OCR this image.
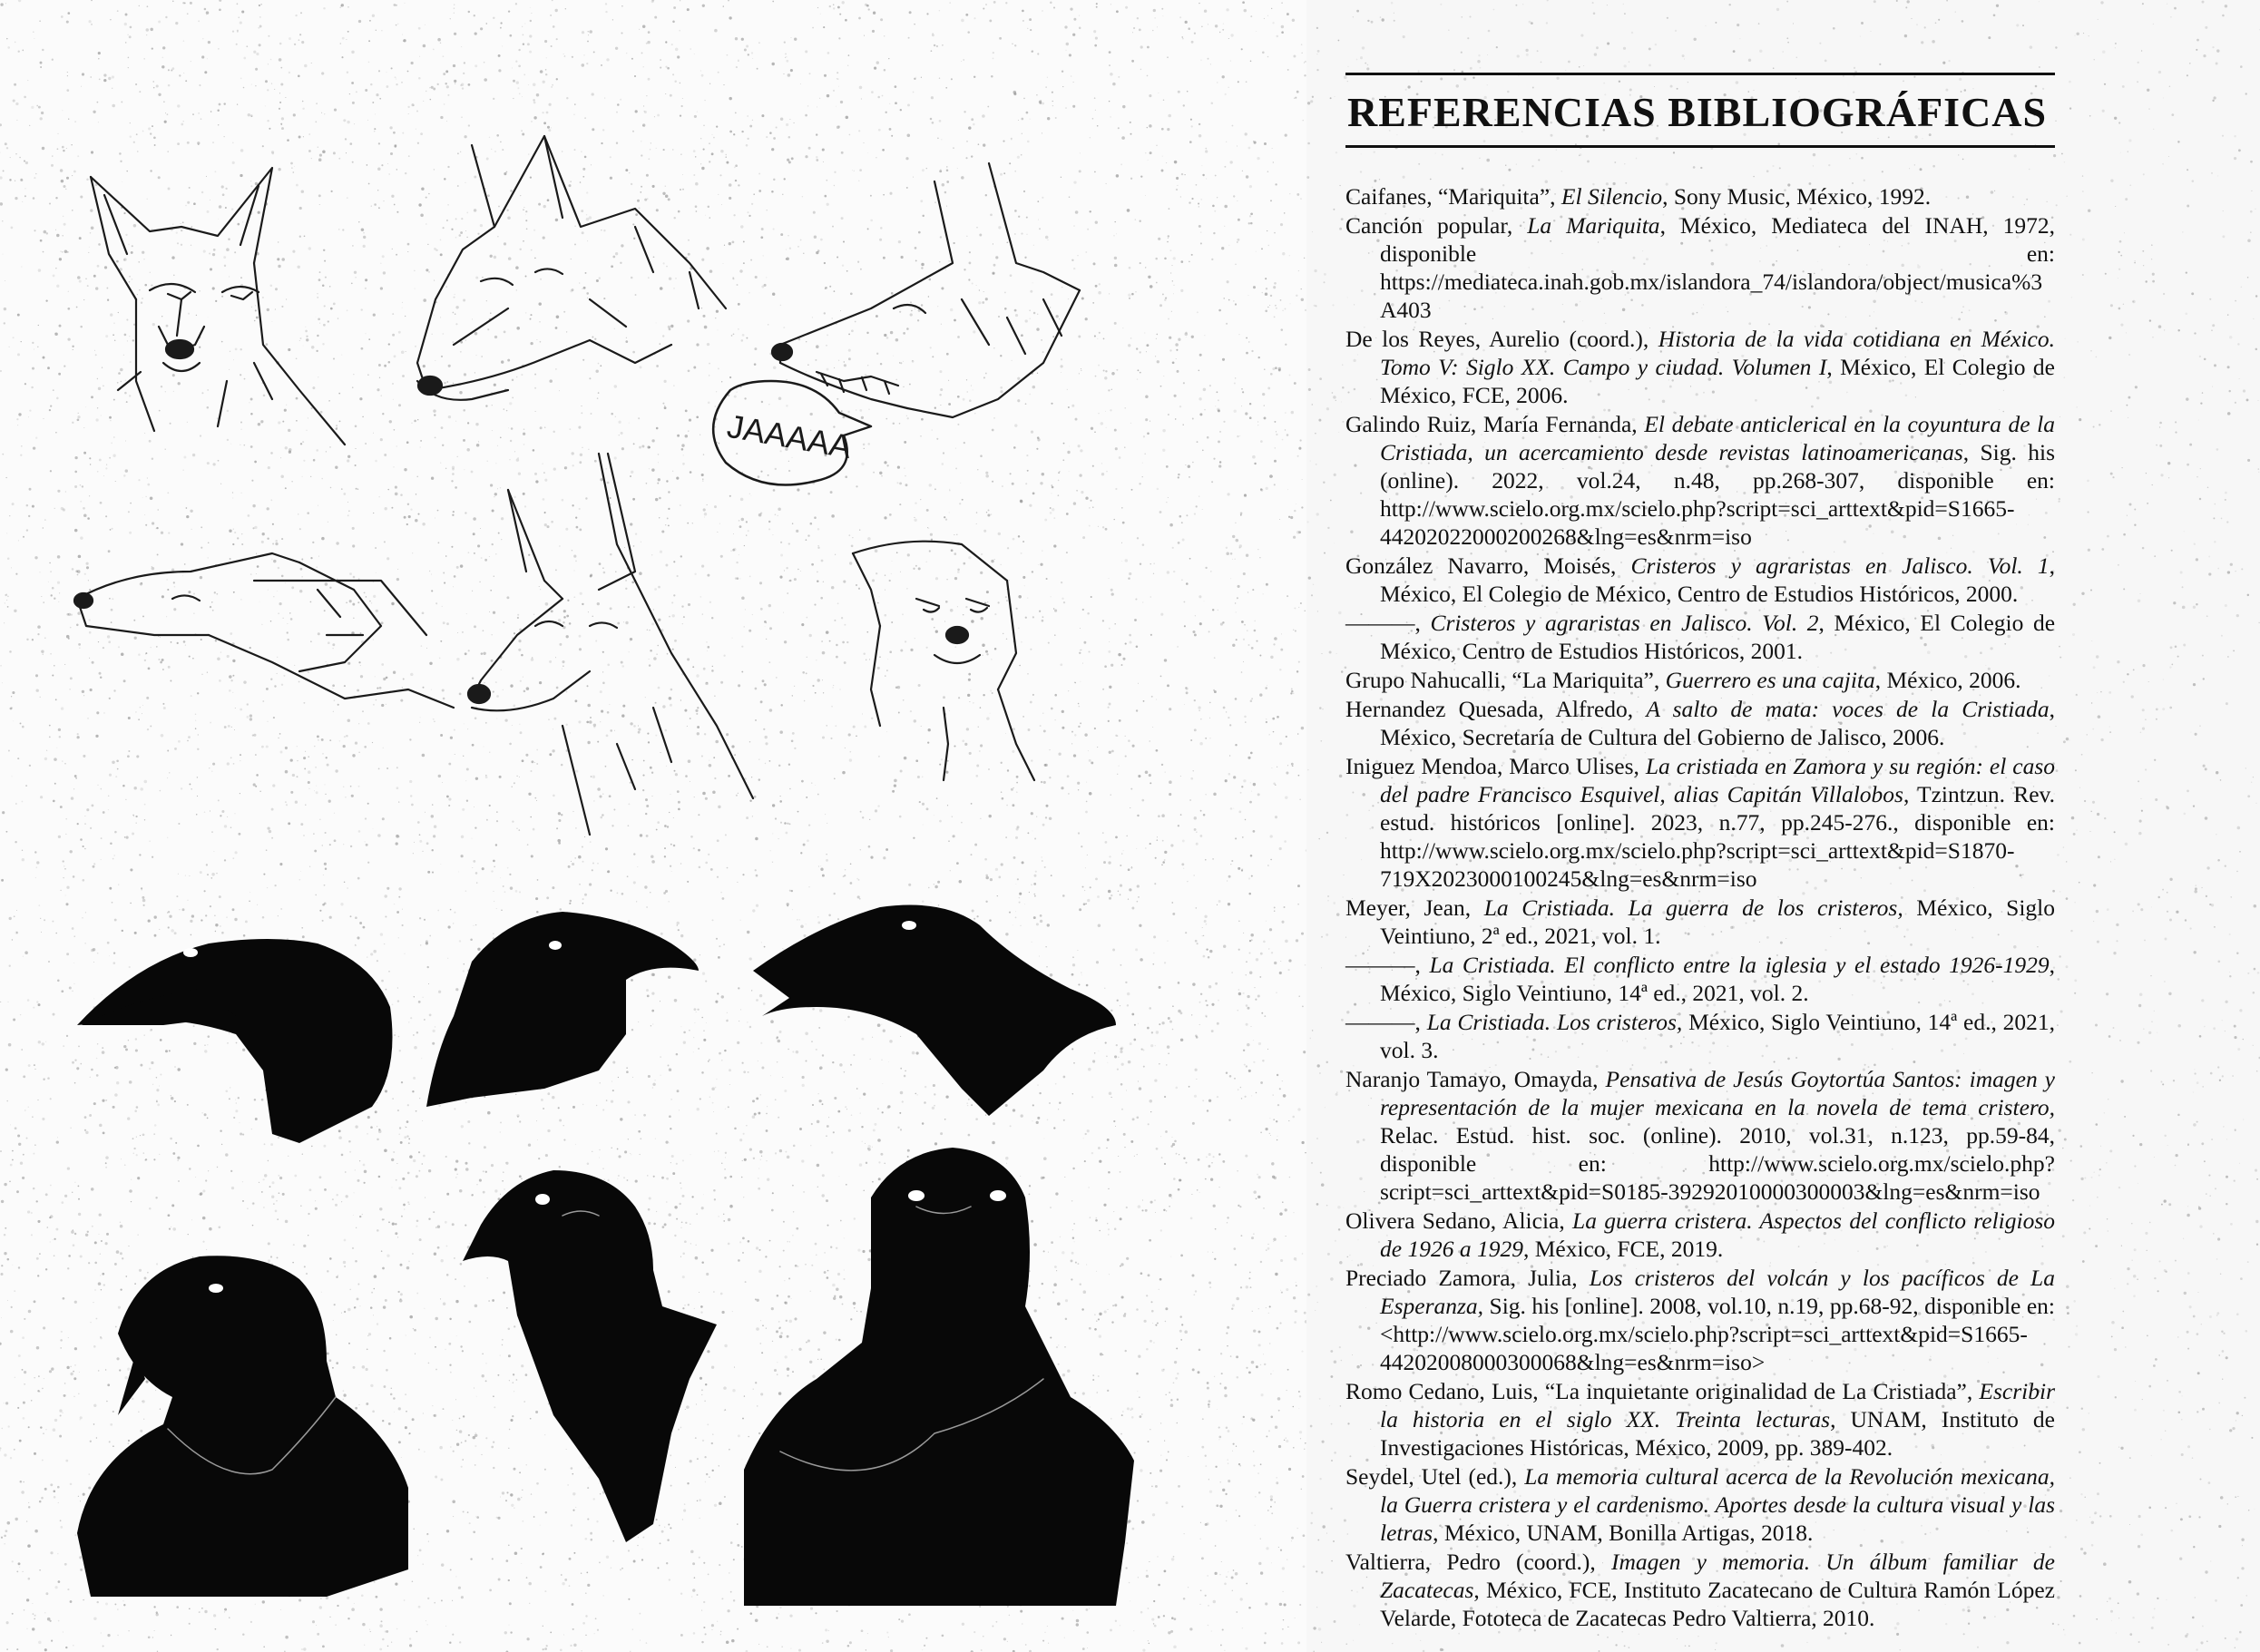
JAAAAA
REFERENCIAS BIBLIOGRÁFICAS
Caifanes, “Mariquita”, El Silencio, Sony Music, México, 1992.
Canción popular, La Mariquita, México, Mediateca del INAH, 1972, disponible en: https://mediateca.inah.gob.mx/islandora_74/islandora/object/musica%3A403
De los Reyes, Aurelio (coord.), Historia de la vida cotidiana en México. Tomo V: Siglo XX. Campo y ciudad. Volumen I, México, El Colegio de México, FCE, 2006.
Galindo Ruiz, María Fernanda, El debate anticlerical en la coyuntura de la Cristiada, un acercamiento desde revistas latinoamericanas, Sig. his (online). 2022, vol.24, n.48, pp.268-307, disponible en: http://www.scielo.org.mx/scielo.php?script=sci_arttext&pid=S1665-44202022000200268&lng=es&nrm=iso
González Navarro, Moisés, Cristeros y agraristas en Jalisco. Vol. 1, México, El Colegio de México, Centro de Estudios Históricos, 2000.
———, Cristeros y agraristas en Jalisco. Vol. 2, México, El Colegio de México, Centro de Estudios Históricos, 2001.
Grupo Nahucalli, “La Mariquita”, Guerrero es una cajita, México, 2006.
Hernandez Quesada, Alfredo, A salto de mata: voces de la Cristiada, México, Secretaría de Cultura del Gobierno de Jalisco, 2006.
Iniguez Mendoa, Marco Ulises, La cristiada en Zamora y su región: el caso del padre Francisco Esquivel, alias Capitán Villalobos, Tzintzun. Rev. estud. históricos [online]. 2023, n.77, pp.245-276., disponible en: http://www.scielo.org.mx/scielo.php?script=sci_arttext&pid=S1870-719X2023000100245&lng=es&nrm=iso
Meyer, Jean, La Cristiada. La guerra de los cristeros, México, Siglo Veintiuno, 2ª ed., 2021, vol. 1.
———, La Cristiada. El conflicto entre la iglesia y el estado 1926-1929, México, Siglo Veintiuno, 14ª ed., 2021, vol. 2.
———, La Cristiada. Los cristeros, México, Siglo Veintiuno, 14ª ed., 2021, vol. 3.
Naranjo Tamayo, Omayda, Pensativa de Jesús Goytortúa Santos: imagen y representación de la mujer mexicana en la novela de tema cristero, Relac. Estud. hist. soc. (online). 2010, vol.31, n.123, pp.59-84, disponible en: http://www.scielo.org.mx/scielo.php?script=sci_arttext&pid=S0185-39292010000300003&lng=es&nrm=iso
Olivera Sedano, Alicia, La guerra cristera. Aspectos del conflicto religioso de 1926 a 1929, México, FCE, 2019.
Preciado Zamora, Julia, Los cristeros del volcán y los pacíficos de La Esperanza, Sig. his [online]. 2008, vol.10, n.19, pp.68-92, disponible en: <http://www.scielo.org.mx/scielo.php?script=sci_arttext&pid=S1665-44202008000300068&lng=es&nrm=iso>
Romo Cedano, Luis, “La inquietante originalidad de La Cristiada”, Escribir la historia en el siglo XX. Treinta lecturas, UNAM, Instituto de Investigaciones Históricas, México, 2009, pp. 389-402.
Seydel, Utel (ed.), La memoria cultural acerca de la Revolución mexicana, la Guerra cristera y el cardenismo. Aportes desde la cultura visual y las letras, México, UNAM, Bonilla Artigas, 2018.
Valtierra, Pedro (coord.), Imagen y memoria. Un álbum familiar de Zacatecas, México, FCE, Instituto Zacatecano de Cultura Ramón López Velarde, Fototeca de Zacatecas Pedro Valtierra, 2010.
